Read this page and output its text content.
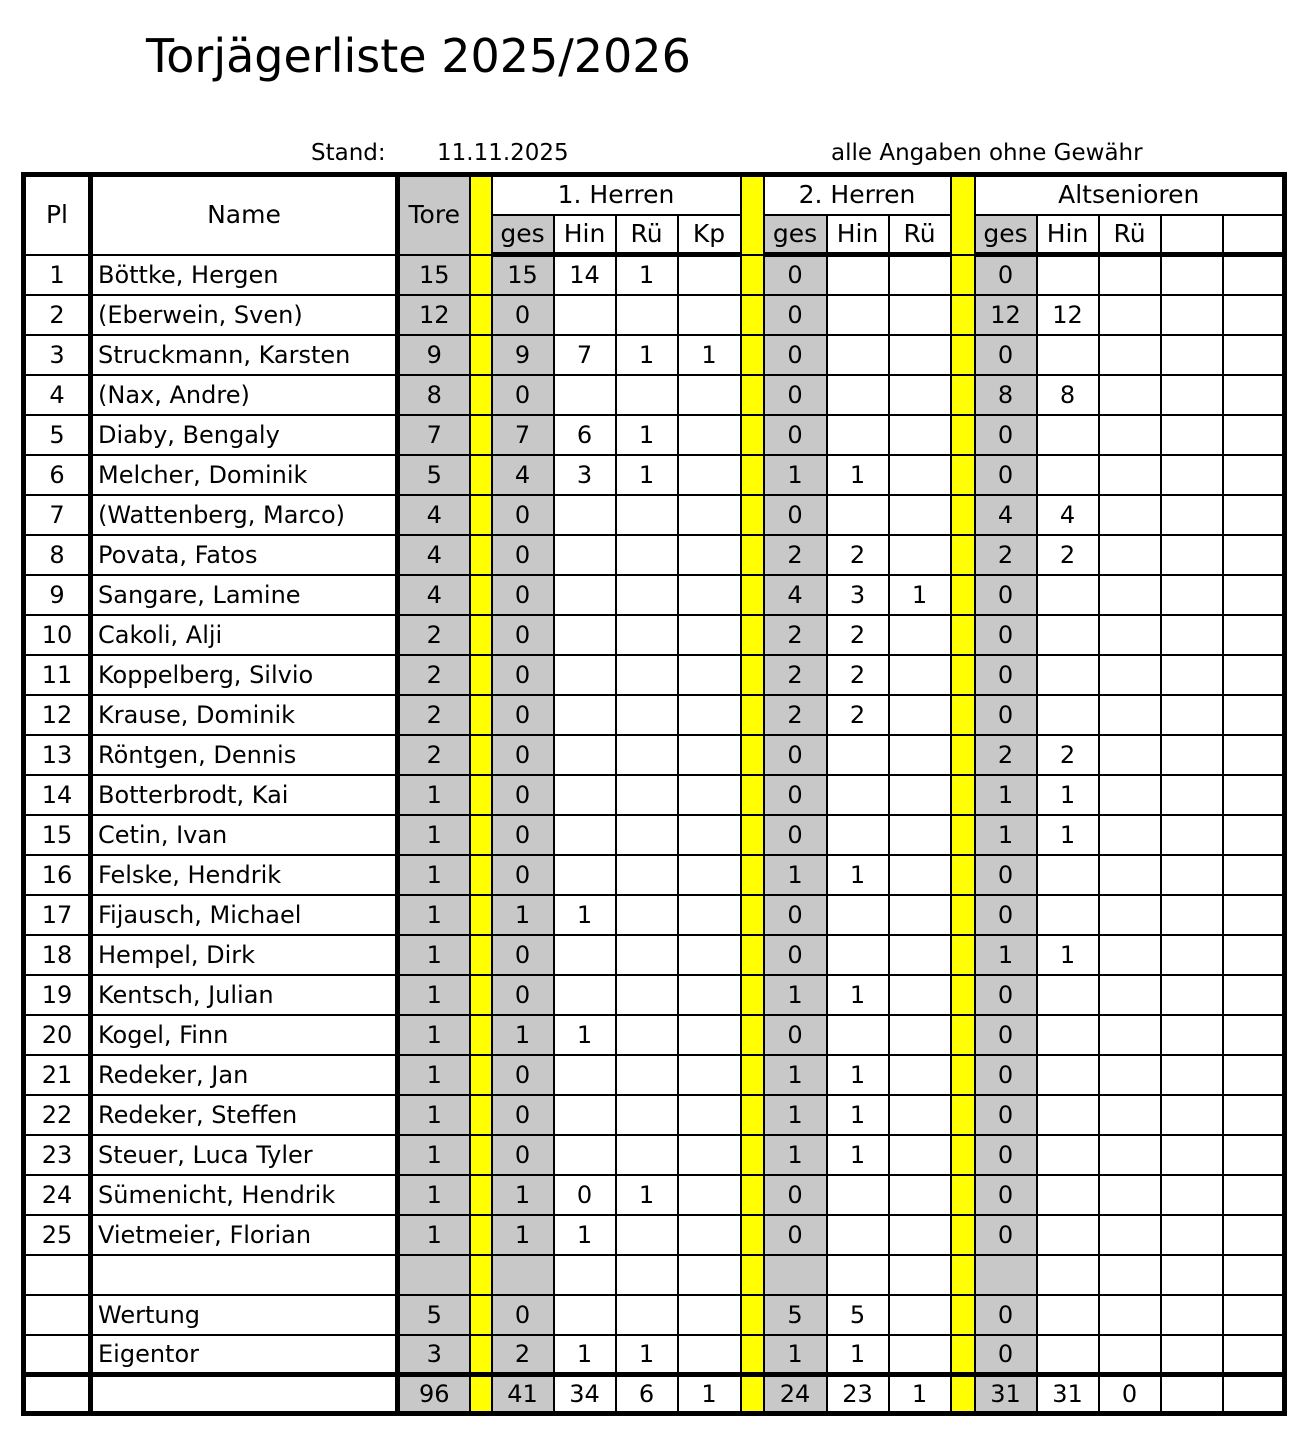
Torjägerliste 2025/2026
Stand: 11.11.2025	alle Angaben ohne Gewähr
Pl	Name	Tore		1. Herren					2. Herren				Altsenioren				
				ges	Hin	Rü	Kp		ges	Hin	Rü		ges	Hin	Rü		
1	Böttke, Hergen	15		15	14	1			0				0				
2	(Eberwein, Sven)	12		0					0				12	12			
3	Struckmann, Karsten	9		9	7	1	1		0				0				
4	(Nax, Andre)	8		0					0				8	8			
5	Diaby, Bengaly	7		7	6	1			0				0				
6	Melcher, Dominik	5		4	3	1			1	1			0				
7	(Wattenberg, Marco)	4		0					0				4	4			
8	Povata, Fatos	4		0					2	2			2	2			
9	Sangare, Lamine	4		0					4	3	1		0				
10	Cakoli, Alji	2		0					2	2			0				
11	Koppelberg, Silvio	2		0					2	2			0				
12	Krause, Dominik	2		0					2	2			0				
13	Röntgen, Dennis	2		0					0				2	2			
14	Botterbrodt, Kai	1		0					0				1	1			
15	Cetin, Ivan	1		0					0				1	1			
16	Felske, Hendrik	1		0					1	1			0				
17	Fijausch, Michael	1		1	1				0				0				
18	Hempel, Dirk	1		0					0				1	1			
19	Kentsch, Julian	1		0					1	1			0				
20	Kogel, Finn	1		1	1				0				0				
21	Redeker, Jan	1		0					1	1			0				
22	Redeker, Steffen	1		0					1	1			0				
23	Steuer, Luca Tyler	1		0					1	1			0				
24	Sümenicht, Hendrik	1		1	0	1			0				0				
25	Vietmeier, Florian	1		1	1				0				0				

	Wertung	5		0					5	5			0				
	Eigentor	3		2	1	1			1	1			0				
		96		41	34	6	1		24	23	1		31	31	0		
